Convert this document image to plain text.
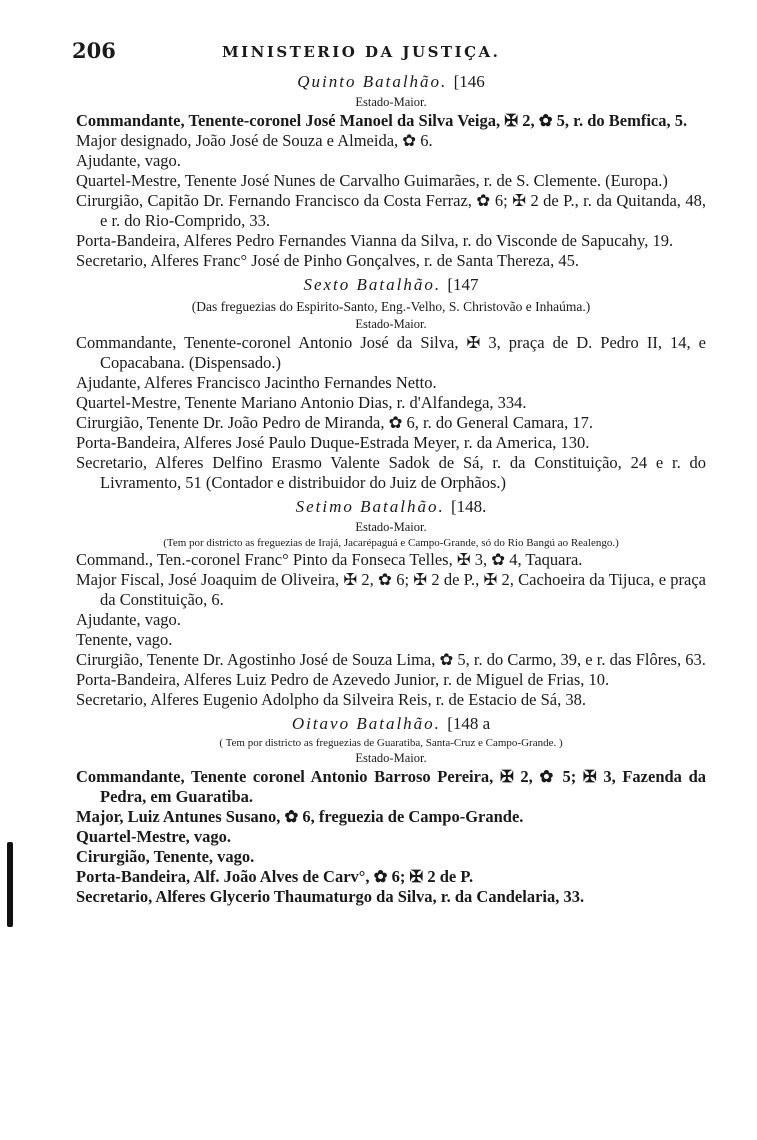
206	MINISTERIO DA JUSTIÇA.
Quinto Batalhão. [146
Estado-Maior.
Commandante, Tenente-coronel José Manoel da Silva Veiga, ✠ 2, ✿ 5, r. do Bemfica, 5.
Major designado, João José de Souza e Almeida, ✿ 6.
Ajudante, vago.
Quartel-Mestre, Tenente José Nunes de Carvalho Guimarães, r. de S. Clemente. (Europa.)
Cirurgião, Capitão Dr. Fernando Francisco da Costa Ferraz, ✿ 6; ✠ 2 de P., r. da Quitanda, 48, e r. do Rio-Comprido, 33.
Porta-Bandeira, Alferes Pedro Fernandes Vianna da Silva, r. do Visconde de Sapucahy, 19.
Secretario, Alferes Franc° José de Pinho Gonçalves, r. de Santa Thereza, 45.
Sexto Batalhão. [147
(Das freguezias do Espirito-Santo, Eng.-Velho, S. Christovão e Inhaúma.)
Estado-Maior.
Commandante, Tenente-coronel Antonio José da Silva, ✠ 3, praça de D. Pedro II, 14, e Copacabana. (Dispensado.)
Ajudante, Alferes Francisco Jacintho Fernandes Netto.
Quartel-Mestre, Tenente Mariano Antonio Dias, r. d'Alfandega, 334.
Cirurgião, Tenente Dr. João Pedro de Miranda, ✿ 6, r. do General Camara, 17.
Porta-Bandeira, Alferes José Paulo Duque-Estrada Meyer, r. da America, 130.
Secretario, Alferes Delfino Erasmo Valente Sadok de Sá, r. da Constituição, 24 e r. do Livramento, 51 (Contador e distribuidor do Juiz de Orphãos.)
Setimo Batalhão. [148.
Estado-Maior.
(Tem por districto as freguezias de Irajá, Jacarépaguá e Campo-Grande, só do Rio Bangú ao Realengo.)
Command., Ten.-coronel Franc° Pinto da Fonseca Telles, ✠ 3, ✿ 4, Taquara.
Major Fiscal, José Joaquim de Oliveira, ✠ 2, ✿ 6; ✠ 2 de P., ✠ 2, Cachoeira da Tijuca, e praça da Constituição, 6.
Ajudante, vago.
Tenente, vago.
Cirurgião, Tenente Dr. Agostinho José de Souza Lima, ✿ 5, r. do Carmo, 39, e r. das Flôres, 63.
Porta-Bandeira, Alferes Luiz Pedro de Azevedo Junior, r. de Miguel de Frias, 10.
Secretario, Alferes Eugenio Adolpho da Silveira Reis, r. de Estacio de Sá, 38.
Oitavo Batalhão. [148 a
( Tem por districto as freguezias de Guaratiba, Santa-Cruz e Campo-Grande. )
Estado-Maior.
Commandante, Tenente coronel Antonio Barroso Pereira, ✠ 2, ✿ 5; ✠ 3, Fazenda da Pedra, em Guaratiba.
Major, Luiz Antunes Susano, ✿ 6, freguezia de Campo-Grande.
Quartel-Mestre, vago.
Cirurgião, Tenente, vago.
Porta-Bandeira, Alf. João Alves de Carv°, ✿ 6; ✠ 2 de P.
Secretario, Alferes Glycerio Thaumaturgo da Silva, r. da Candelaria, 33.
